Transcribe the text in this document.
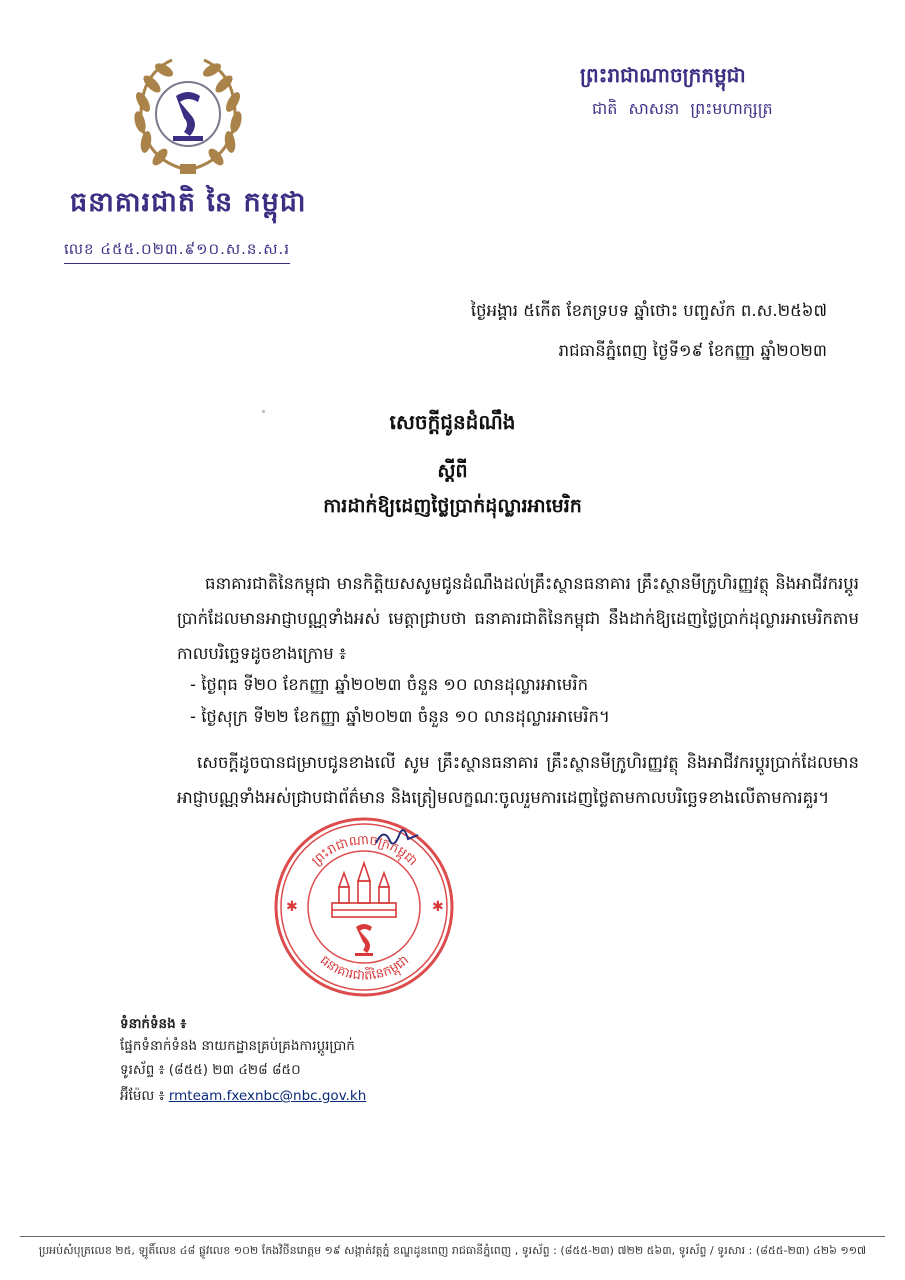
ធនាគារជាតិ នៃ កម្ពុជា
លេខ ៤៥៥.០២៣.៩១០.ស.ន.ស.រ
ព្រះរាជាណាចក្រកម្ពុជា
ជាតិ សាសនា ព្រះមហាក្សត្រ
ថ្ងៃអង្គារ ៥កើត ខែភទ្របទ ឆ្នាំថោះ បញ្ចស័ក ព.ស.២៥៦៧
រាជធានីភ្នំពេញ ថ្ងៃទី១៩ ខែកញ្ញា ឆ្នាំ២០២៣
សេចក្តីជូនដំណឹង
ស្តីពី
ការដាក់ឱ្យដេញថ្លៃប្រាក់ដុល្លារអាមេរិក
ធនាគារជាតិនៃកម្ពុជា មានកិត្តិយសសូមជូនដំណឹងដល់គ្រឹះស្ថានធនាគារ គ្រឹះស្ថានមីក្រូហិរញ្ញវត្ថុ និងអាជីវករប្តូរប្រាក់ដែលមានអាជ្ញាបណ្ណទាំងអស់ មេត្តាជ្រាបថា ធនាគារជាតិនៃកម្ពុជា នឹងដាក់ឱ្យដេញថ្លៃប្រាក់ដុល្លារអាមេរិកតាមកាលបរិច្ឆេទដូចខាងក្រោម ៖
- ថ្ងៃពុធ ទី២០ ខែកញ្ញា ឆ្នាំ២០២៣ ចំនួន ១០ លានដុល្លារអាមេរិក
- ថ្ងៃសុក្រ ទី២២ ខែកញ្ញា ឆ្នាំ២០២៣ ចំនួន ១០ លានដុល្លារអាមេរិក។
សេចក្តីដូចបានជម្រាបជូនខាងលើ សូម គ្រឹះស្ថានធនាគារ គ្រឹះស្ថានមីក្រូហិរញ្ញវត្ថុ និងអាជីវករប្តូរប្រាក់ដែលមានអាជ្ញាបណ្ណទាំងអស់ជ្រាបជាព័ត៌មាន និងត្រៀមលក្ខណៈចូលរួមការដេញថ្លៃតាមកាលបរិច្ឆេទខាងលើតាមការគួរ។
ព្រះរាជាណាចក្រកម្ពុជា
ធនាគារជាតិនៃកម្ពុជា
✱	✱
ទំនាក់ទំនង ៖
ផ្នែកទំនាក់ទំនង នាយកដ្ឋានគ្រប់គ្រងការប្តូរប្រាក់
ទូរស័ព្ទ ៖ (៨៥៥) ២៣ ៤២៨ ៨៥០
អ៊ីម៉ែល ៖ rmteam.fxexnbc@nbc.gov.kh
ប្រអប់សំបុត្រលេខ ២៥, ឡូតិ៍លេខ ៤៨ ផ្លូវលេខ ១០២ កែងវិថីនរោត្តម ១៩ សង្កាត់វត្តភ្នំ ខណ្ឌដូនពេញ រាជធានីភ្នំពេញ , ទូរស័ព្ទ : (៨៥៥-២៣) ៧២២ ៥៦៣, ទូរស័ព្ទ / ទូរសារ : (៨៥៥-២៣) ៤២៦ ១១៧
